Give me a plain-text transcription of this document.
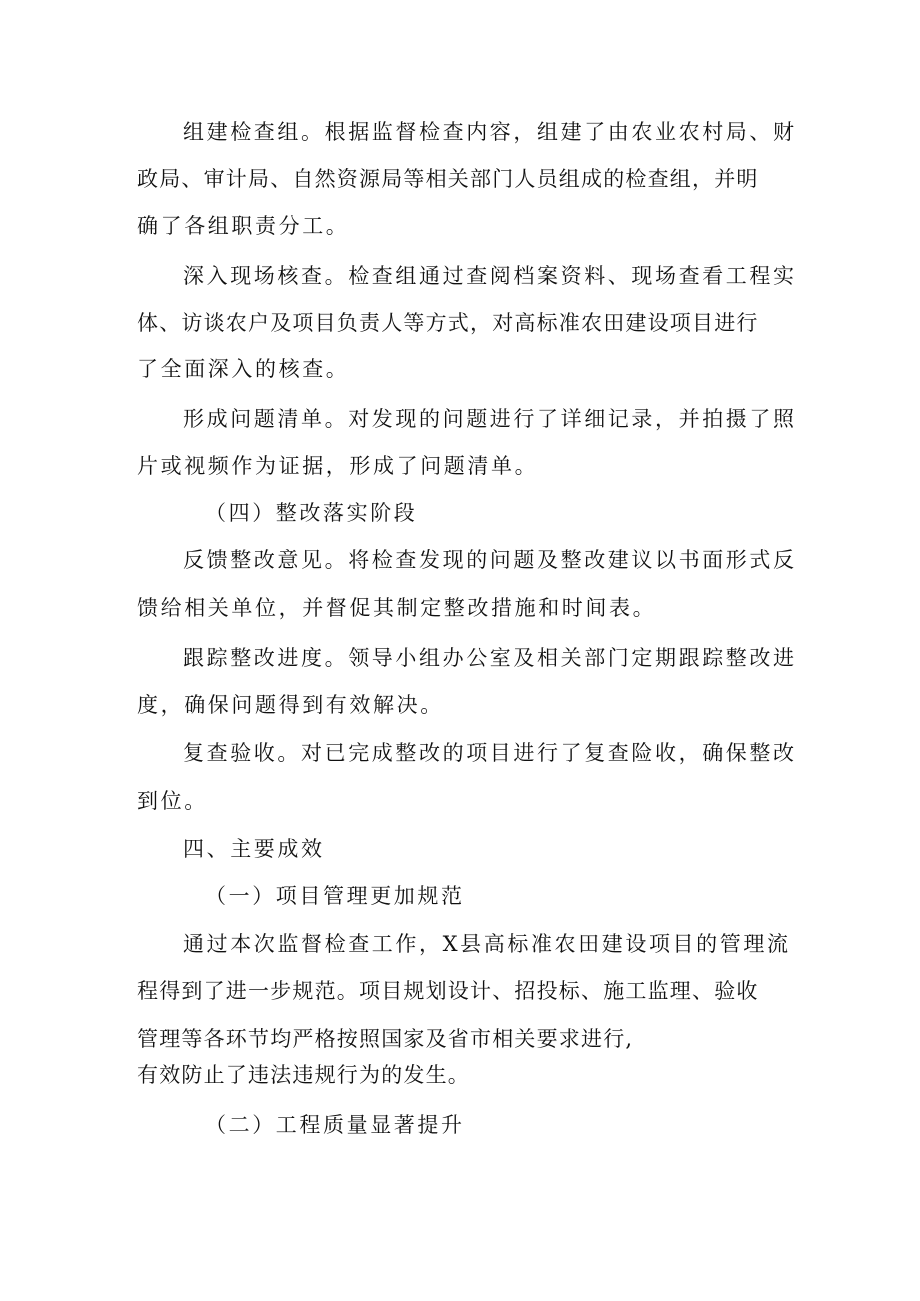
组建检查组。根据监督检查内容，组建了由农业农村局、财
政局、审计局、自然资源局等相关部门人员组成的检查组，并明
确了各组职责分工。
深入现场核查。检查组通过查阅档案资料、现场查看工程实
体、访谈农户及项目负责人等方式，对高标准农田建设项目进行
了全面深入的核查。
形成问题清单。对发现的问题进行了详细记录，并拍摄了照
片或视频作为证据，形成了问题清单。
（四）整改落实阶段
反馈整改意见。将检查发现的问题及整改建议以书面形式反
馈给相关单位，并督促其制定整改措施和时间表。
跟踪整改进度。领导小组办公室及相关部门定期跟踪整改进
度，确保问题得到有效解决。
复查验收。对已完成整改的项目进行了复查险收，确保整改
到位。
四、主要成效
（一）项目管理更加规范
通过本次监督检查工作，X县高标准农田建设项目的管理流
程得到了进一步规范。项目规划设计、招投标、施工监理、验收
管理等各环节均严格按照国家及省市相关要求进行,
有效防止了违法违规行为的发生。
（二）工程质量显著提升
